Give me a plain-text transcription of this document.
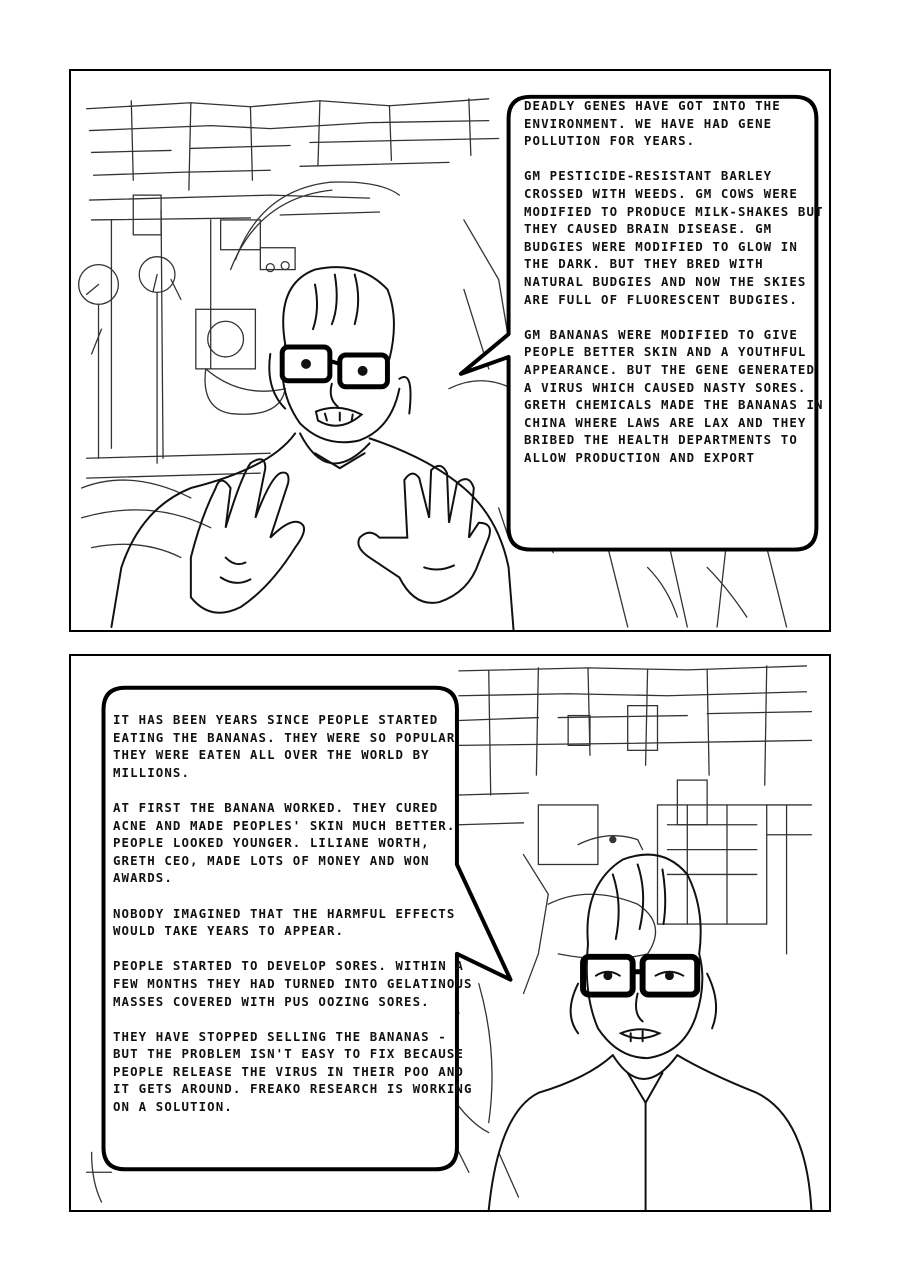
DEADLY GENES HAVE GOT INTO THE ENVIRONMENT. WE HAVE HAD GENE POLLUTION FOR YEARS.

GM PESTICIDE-RESISTANT BARLEY CROSSED WITH WEEDS. GM COWS WERE MODIFIED TO PRODUCE MILK-SHAKES BUT THEY CAUSED BRAIN DISEASE. GM BUDGIES WERE MODIFIED TO GLOW IN THE DARK. BUT THEY BRED WITH NATURAL BUDGIES AND NOW THE SKIES ARE FULL OF FLUORESCENT BUDGIES.

GM BANANAS WERE MODIFIED TO GIVE PEOPLE BETTER SKIN AND A YOUTHFUL APPEARANCE. BUT THE GENE GENERATED A VIRUS WHICH CAUSED NASTY SORES. GRETH CHEMICALS MADE THE BANANAS IN CHINA WHERE LAWS ARE LAX AND THEY BRIBED THE HEALTH DEPARTMENTS TO ALLOW PRODUCTION AND EXPORT

IT HAS BEEN YEARS SINCE PEOPLE STARTED EATING THE BANANAS. THEY WERE SO POPULAR THEY WERE EATEN ALL OVER THE WORLD BY MILLIONS.

AT FIRST THE BANANA WORKED. THEY CURED ACNE AND MADE PEOPLES' SKIN MUCH BETTER. PEOPLE LOOKED YOUNGER. LILIANE WORTH, GRETH CEO, MADE LOTS OF MONEY AND WON AWARDS.

NOBODY IMAGINED THAT THE HARMFUL EFFECTS WOULD TAKE YEARS TO APPEAR.

PEOPLE STARTED TO DEVELOP SORES. WITHIN A FEW MONTHS THEY HAD TURNED INTO GELATINOUS MASSES COVERED WITH PUS OOZING SORES.

THEY HAVE STOPPED SELLING THE BANANAS - BUT THE PROBLEM ISN'T EASY TO FIX BECAUSE PEOPLE RELEASE THE VIRUS IN THEIR POO AND IT GETS AROUND. FREAKO RESEARCH IS WORKING ON A SOLUTION.
